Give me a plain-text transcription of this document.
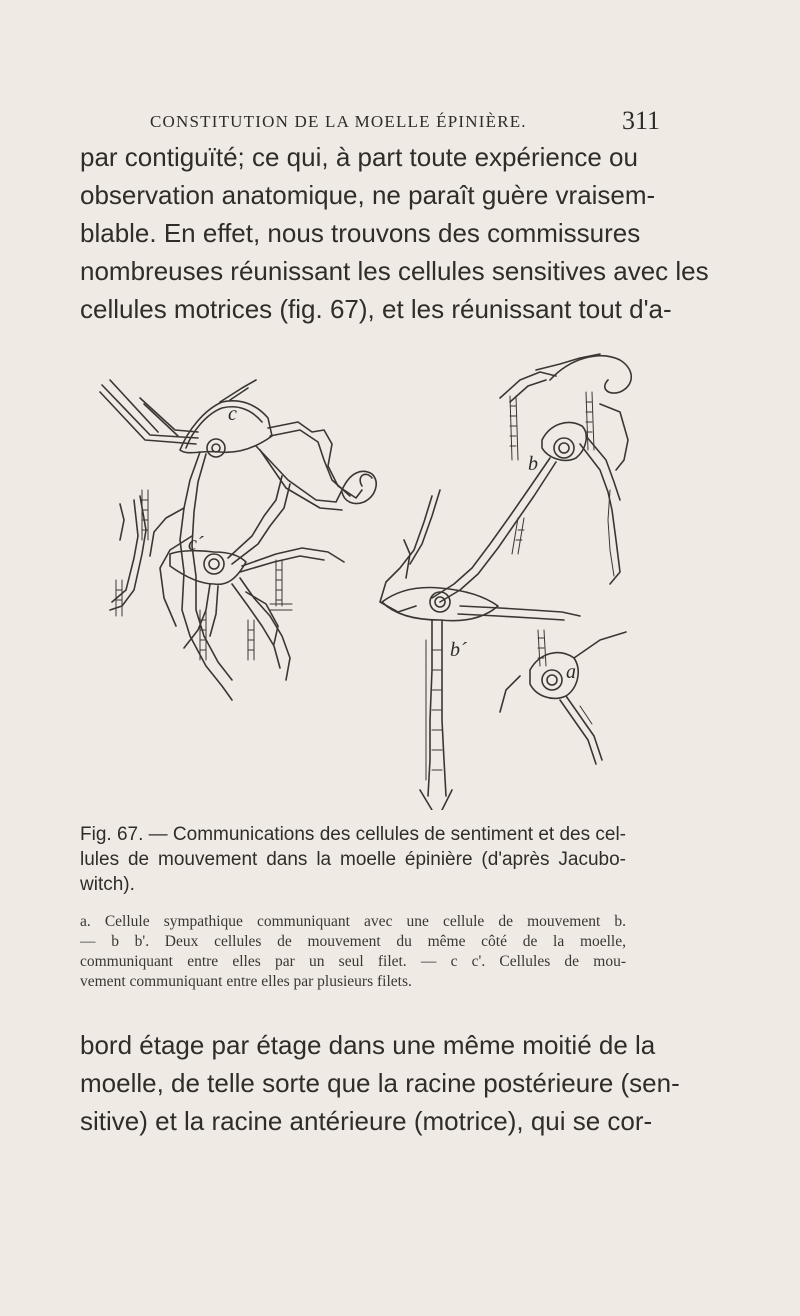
CONSTITUTION DE LA MOELLE ÉPINIÈRE.	311
par contiguïté; ce qui, à part toute expérience ou
observation anatomique, ne paraît guère vraisem-
blable. En effet, nous trouvons des commissures
nombreuses réunissant les cellules sensitives avec les
cellules motrices (fig. 67), et les réunissant tout d'a-
c
c´
b
b´
a
Fig. 67. — Communications des cellules de sentiment et des cel-
lules de mouvement dans la moelle épinière (d'après Jacubo-
witch).
a. Cellule sympathique communiquant avec une cellule de mouvement b.
— b b'. Deux cellules de mouvement du même côté de la moelle,
communiquant entre elles par un seul filet. — c c'. Cellules de mou-
vement communiquant entre elles par plusieurs filets.
bord étage par étage dans une même moitié de la
moelle, de telle sorte que la racine postérieure (sen-
sitive) et la racine antérieure (motrice), qui se cor-
